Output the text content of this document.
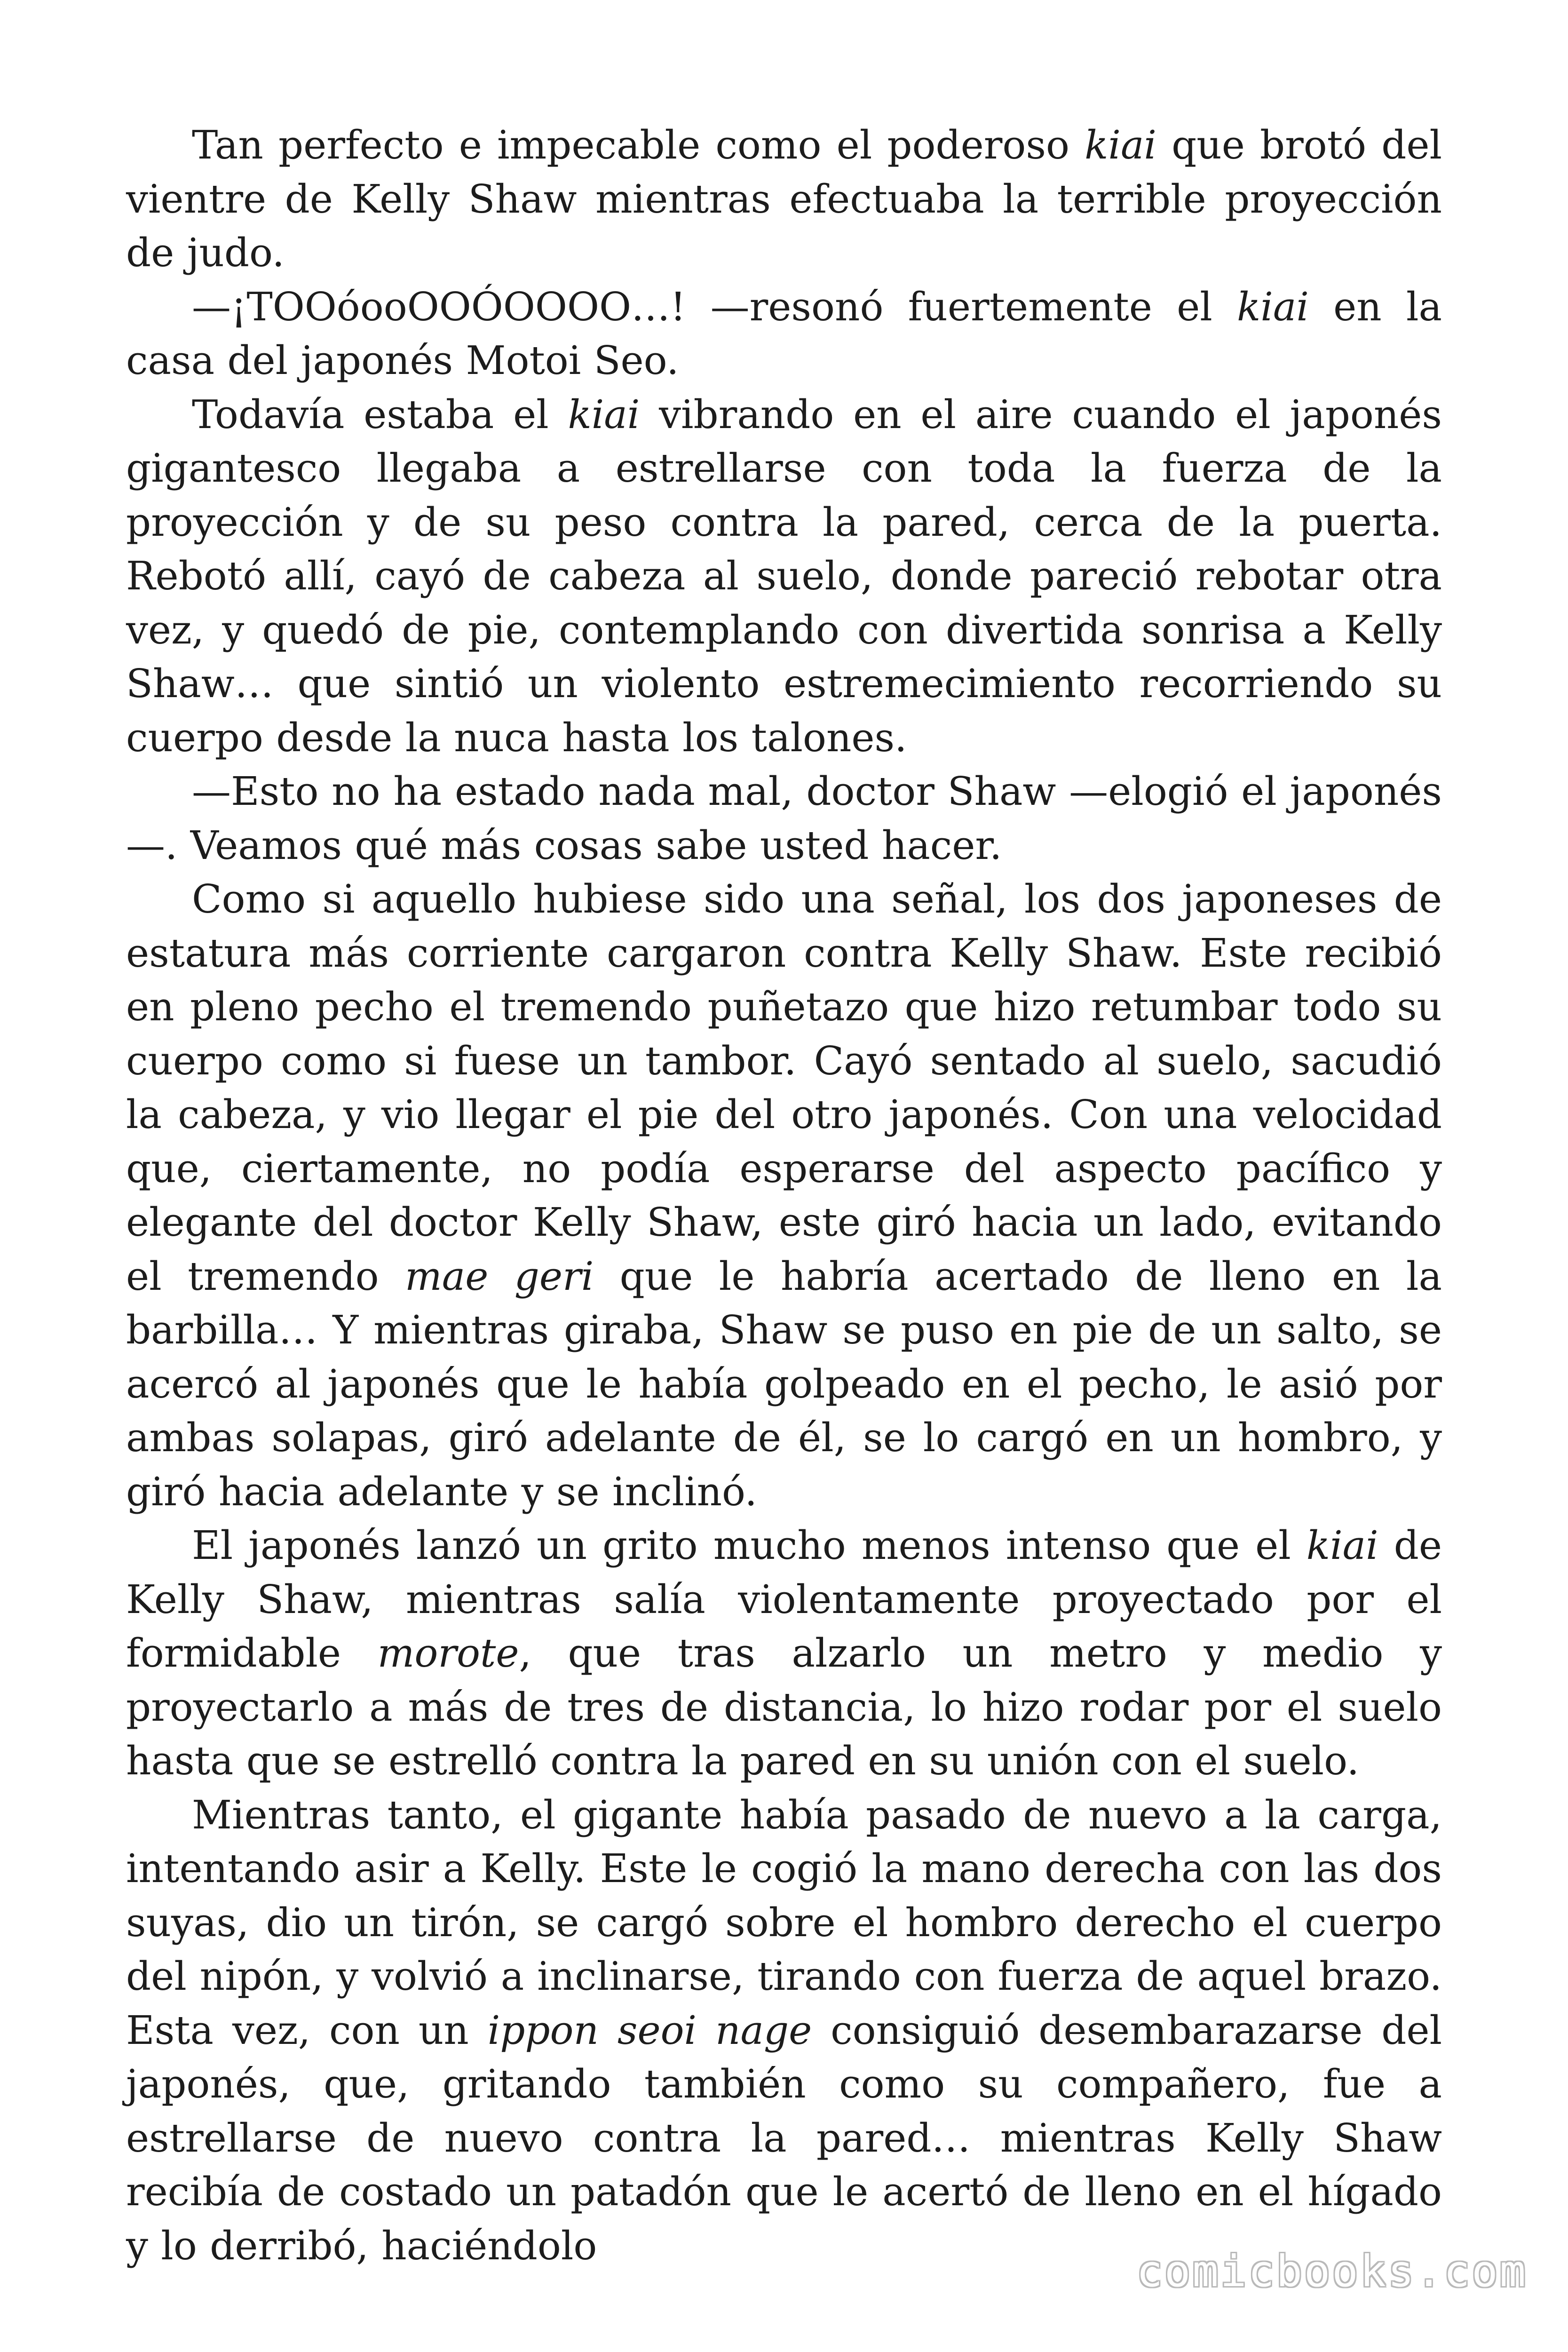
Tan perfecto e impecable como el poderoso kiai que brotó del vientre de Kelly Shaw mientras efectuaba la terrible proyección de judo.

—¡TOOóooOOÓOOOO…! —resonó fuertemente el kiai en la casa del japonés Motoi Seo.

Todavía estaba el kiai vibrando en el aire cuando el japonés gigantesco llegaba a estrellarse con toda la fuerza de la proyección y de su peso contra la pared, cerca de la puerta. Rebotó allí, cayó de cabeza al suelo, donde pareció rebotar otra vez, y quedó de pie, contemplando con divertida sonrisa a Kelly Shaw… que sintió un violento estremecimiento recorriendo su cuerpo desde la nuca hasta los talones.

—Esto no ha estado nada mal, doctor Shaw —elogió el japonés —. Veamos qué más cosas sabe usted hacer.

Como si aquello hubiese sido una señal, los dos japoneses de estatura más corriente cargaron contra Kelly Shaw. Este recibió en pleno pecho el tremendo puñetazo que hizo retumbar todo su cuerpo como si fuese un tambor. Cayó sentado al suelo, sacudió la cabeza, y vio llegar el pie del otro japonés. Con una velocidad que, ciertamente, no podía esperarse del aspecto pacífico y elegante del doctor Kelly Shaw, este giró hacia un lado, evitando el tremendo mae geri que le habría acertado de lleno en la barbilla… Y mientras giraba, Shaw se puso en pie de un salto, se acercó al japonés que le había golpeado en el pecho, le asió por ambas solapas, giró adelante de él, se lo cargó en un hombro, y giró hacia adelante y se inclinó.

El japonés lanzó un grito mucho menos intenso que el kiai de Kelly Shaw, mientras salía violentamente proyectado por el formidable morote, que tras alzarlo un metro y medio y proyectarlo a más de tres de distancia, lo hizo rodar por el suelo hasta que se estrelló contra la pared en su unión con el suelo.

Mientras tanto, el gigante había pasado de nuevo a la carga, intentando asir a Kelly. Este le cogió la mano derecha con las dos suyas, dio un tirón, se cargó sobre el hombro derecho el cuerpo del nipón, y volvió a inclinarse, tirando con fuerza de aquel brazo. Esta vez, con un ippon seoi nage consiguió desembarazarse del japonés, que, gritando también como su compañero, fue a estrellarse de nuevo contra la pared… mientras Kelly Shaw recibía de costado un patadón que le acertó de lleno en el hígado y lo derribó, haciéndolo

comicbooks.com
